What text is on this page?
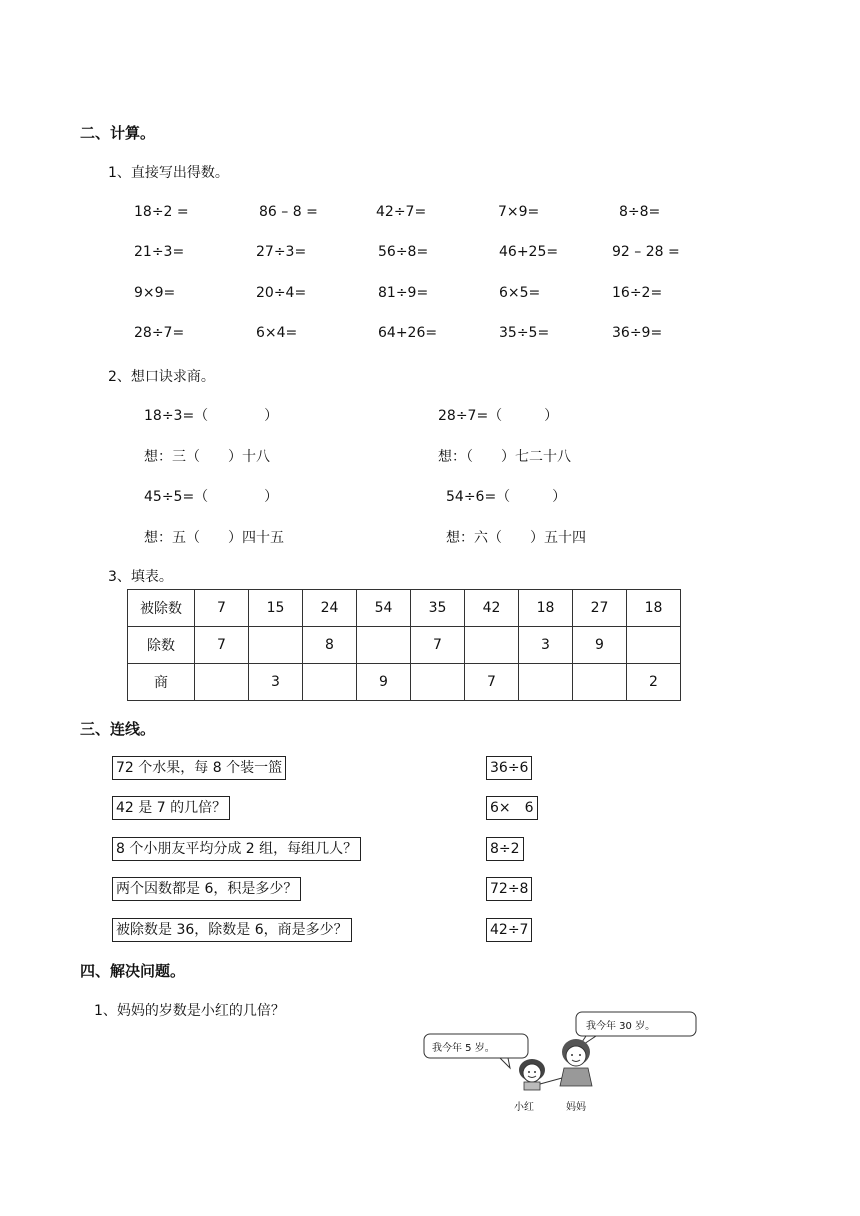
二、计算。
1、直接写出得数。
18÷2 =	86 – 8 =	42÷7=	7×9=	8÷8=
21÷3=	27÷3=	56÷8=	46+25=	92 – 28 =
9×9=	20÷4=	81÷9=	6×5=	16÷2=
28÷7=	6×4=	64+26=	35÷5=	36÷9=
2、想口诀求商。
18÷3=（　　　　）	28÷7=（　　　）
想：三（　　）十八	想：（　　）七二十八
45÷5=（　　　　）	54÷6=（　　　）
想：五（　　）四十五	想：六（　　）五十四
3、填表。
被除数	7	15	24	54	35	42	18	27	18
除数	7		8		7		3	9	
商		3		9		7			2
三、连线。
72 个水果，每 8 个装一篮
42 是 7 的几倍？
8 个小朋友平均分成 2 组，每组几人？
两个因数都是 6，积是多少？
被除数是 36，除数是 6，商是多少？
36÷6
6×　6
8÷2
72÷8
42÷7
四、解决问题。
1、妈妈的岁数是小红的几倍？
我今年 5 岁。
我今年 30 岁。
小红	妈妈
